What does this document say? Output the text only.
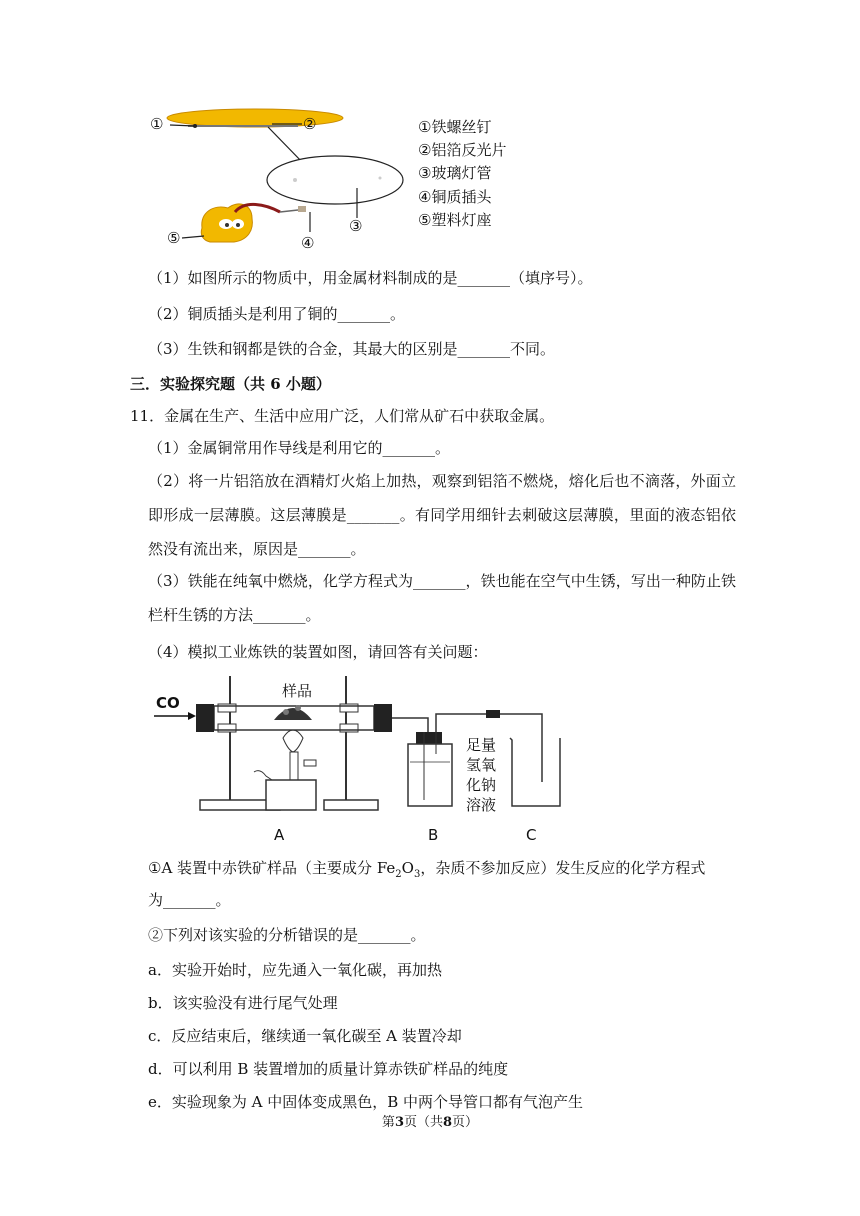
①	②
③
④
⑤
①铁螺丝钉
②铝箔反光片
③玻璃灯管
④铜质插头
⑤塑料灯座
（1）如图所示的物质中，用金属材料制成的是_______（填序号）。
（2）铜质插头是利用了铜的_______。
（3）生铁和钢都是铁的合金，其最大的区别是_______不同。
三．实验探究题（共 6 小题）
11．金属在生产、生活中应用广泛，人们常从矿石中获取金属。
（1）金属铜常用作导线是利用它的_______。
（2）将一片铝箔放在酒精灯火焰上加热，观察到铝箔不燃烧，熔化后也不滴落，外面立即形成一层薄膜。这层薄膜是_______。有同学用细针去刺破这层薄膜，里面的液态铝依然没有流出来，原因是_______。
（3）铁能在纯氧中燃烧，化学方程式为_______，铁也能在空气中生锈，写出一种防止铁栏杆生锈的方法_______。
（4）模拟工业炼铁的装置如图，请回答有关问题：
CO
样品
足量
氢氧
化钠
溶液
A	B	C
①A 装置中赤铁矿样品（主要成分 $Fe_2O_3$，杂质不参加反应）发生反应的化学方程式
为_______。
②下列对该实验的分析错误的是_______。
a．实验开始时，应先通入一氧化碳，再加热
b．该实验没有进行尾气处理
c．反应结束后，继续通一氧化碳至 A 装置冷却
d．可以利用 B 装置增加的质量计算赤铁矿样品的纯度
e．实验现象为 A 中固体变成黑色，B 中两个导管口都有气泡产生
第3页（共8页）
